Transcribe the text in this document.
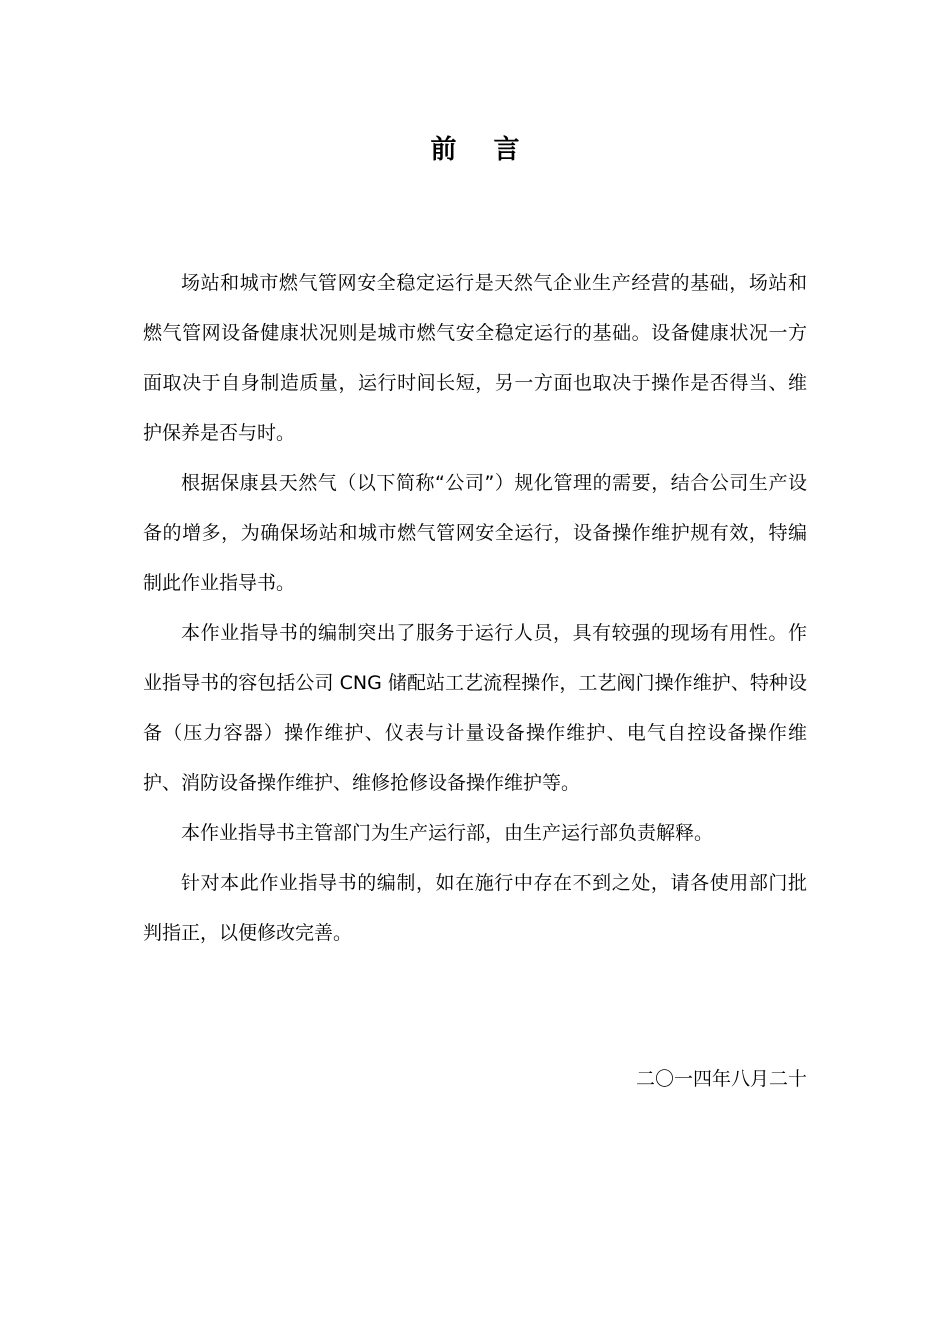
前 言

场站和城市燃气管网安全稳定运行是天然气企业生产经营的基础，场站和燃气管网设备健康状况则是城市燃气安全稳定运行的基础。设备健康状况一方面取决于自身制造质量，运行时间长短，另一方面也取决于操作是否得当、维护保养是否与时。

根据保康县天然气（以下简称“公司”）规化管理的需要，结合公司生产设备的增多，为确保场站和城市燃气管网安全运行，设备操作维护规有效，特编制此作业指导书。

本作业指导书的编制突出了服务于运行人员，具有较强的现场有用性。作业指导书的容包括公司 CNG 储配站工艺流程操作，工艺阀门操作维护、特种设备（压力容器）操作维护、仪表与计量设备操作维护、电气自控设备操作维护、消防设备操作维护、维修抢修设备操作维护等。

本作业指导书主管部门为生产运行部，由生产运行部负责解释。

针对本此作业指导书的编制，如在施行中存在不到之处，请各使用部门批判指正，以便修改完善。

二〇一四年八月二十
